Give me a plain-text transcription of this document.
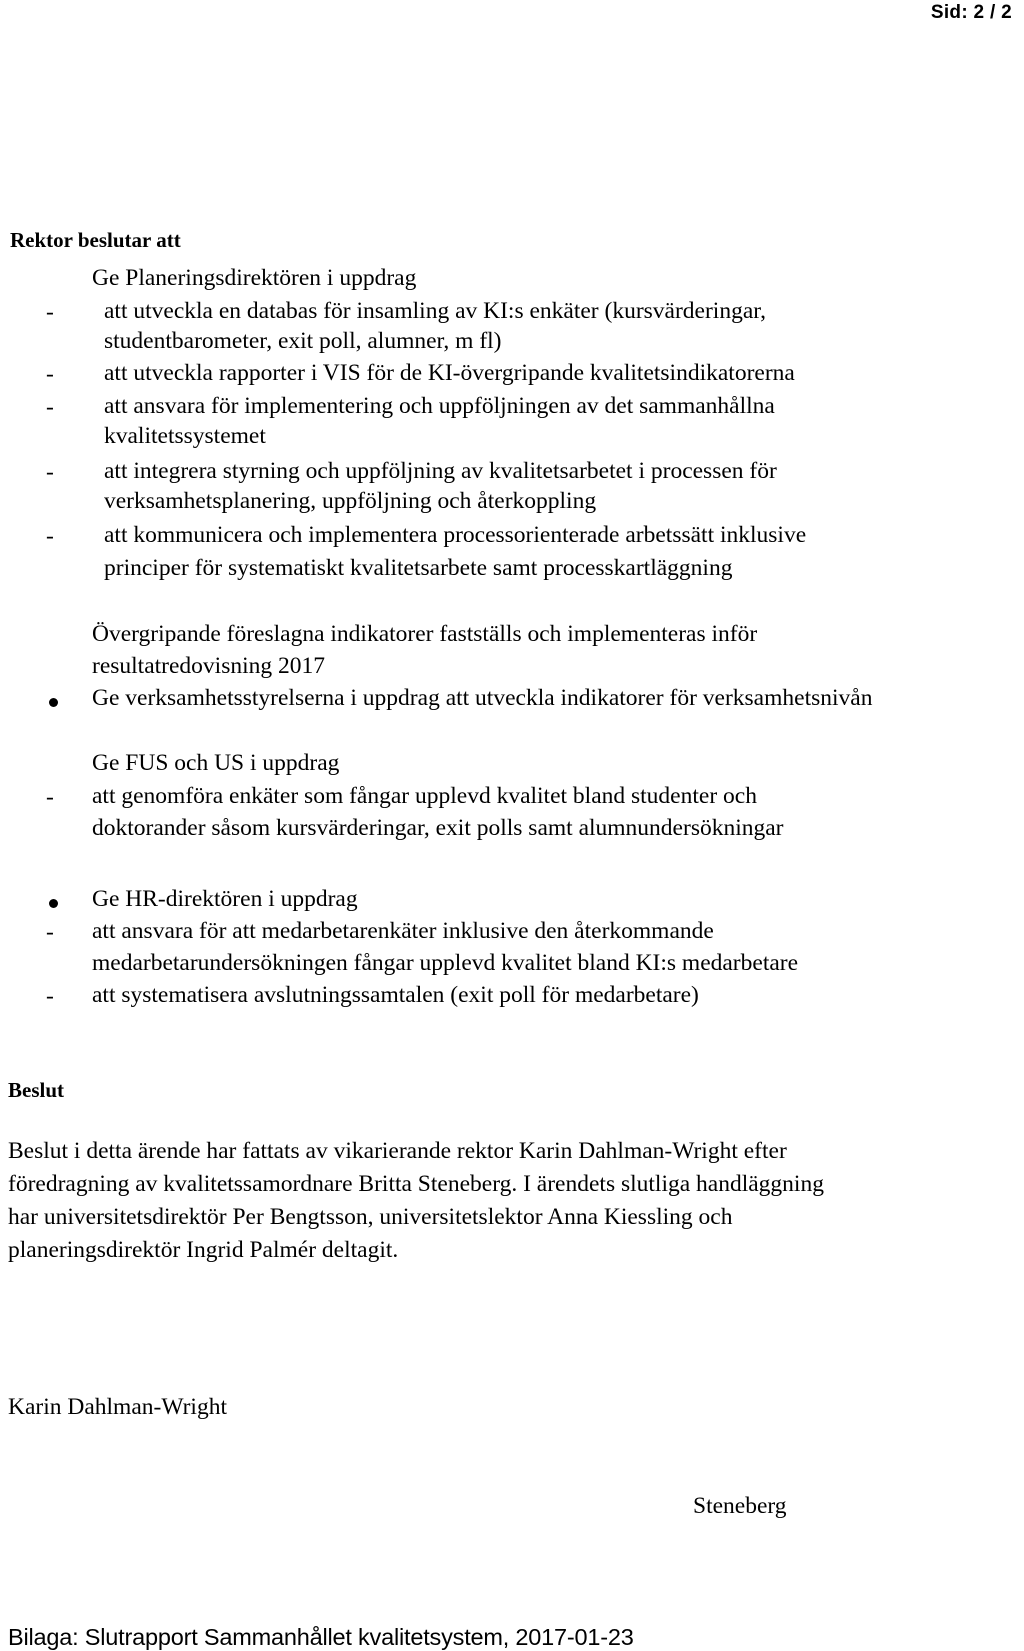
Sid: 2 / 2
Rektor beslutar att
Ge Planeringsdirektören i uppdrag
- att utveckla en databas för insamling av KI:s enkäter (kursvärderingar,
studentbarometer, exit poll, alumner, m fl)
- att utveckla rapporter i VIS för de KI-övergripande kvalitetsindikatorerna
- att ansvara för implementering och uppföljningen av det sammanhållna
kvalitetssystemet
- att integrera styrning och uppföljning av kvalitetsarbetet i processen för
verksamhetsplanering, uppföljning och återkoppling
- att kommunicera och implementera processorienterade arbetssätt inklusive
principer för systematiskt kvalitetsarbete samt processkartläggning
Övergripande föreslagna indikatorer fastställs och implementeras inför
resultatredovisning 2017
Ge verksamhetsstyrelserna i uppdrag att utveckla indikatorer för verksamhetsnivån
Ge FUS och US i uppdrag
- att genomföra enkäter som fångar upplevd kvalitet bland studenter och
doktorander såsom kursvärderingar, exit polls samt alumnundersökningar
Ge HR-direktören i uppdrag
- att ansvara för att medarbetarenkäter inklusive den återkommande
medarbetarundersökningen fångar upplevd kvalitet bland KI:s medarbetare
- att systematisera avslutningssamtalen (exit poll för medarbetare)
Beslut
Beslut i detta ärende har fattats av vikarierande rektor Karin Dahlman-Wright efter
föredragning av kvalitetssamordnare Britta Steneberg. I ärendets slutliga handläggning
har universitetsdirektör Per Bengtsson, universitetslektor Anna Kiessling och
planeringsdirektör Ingrid Palmér deltagit.
Karin Dahlman-Wright
Steneberg
Bilaga: Slutrapport Sammanhållet kvalitetsystem, 2017-01-23
